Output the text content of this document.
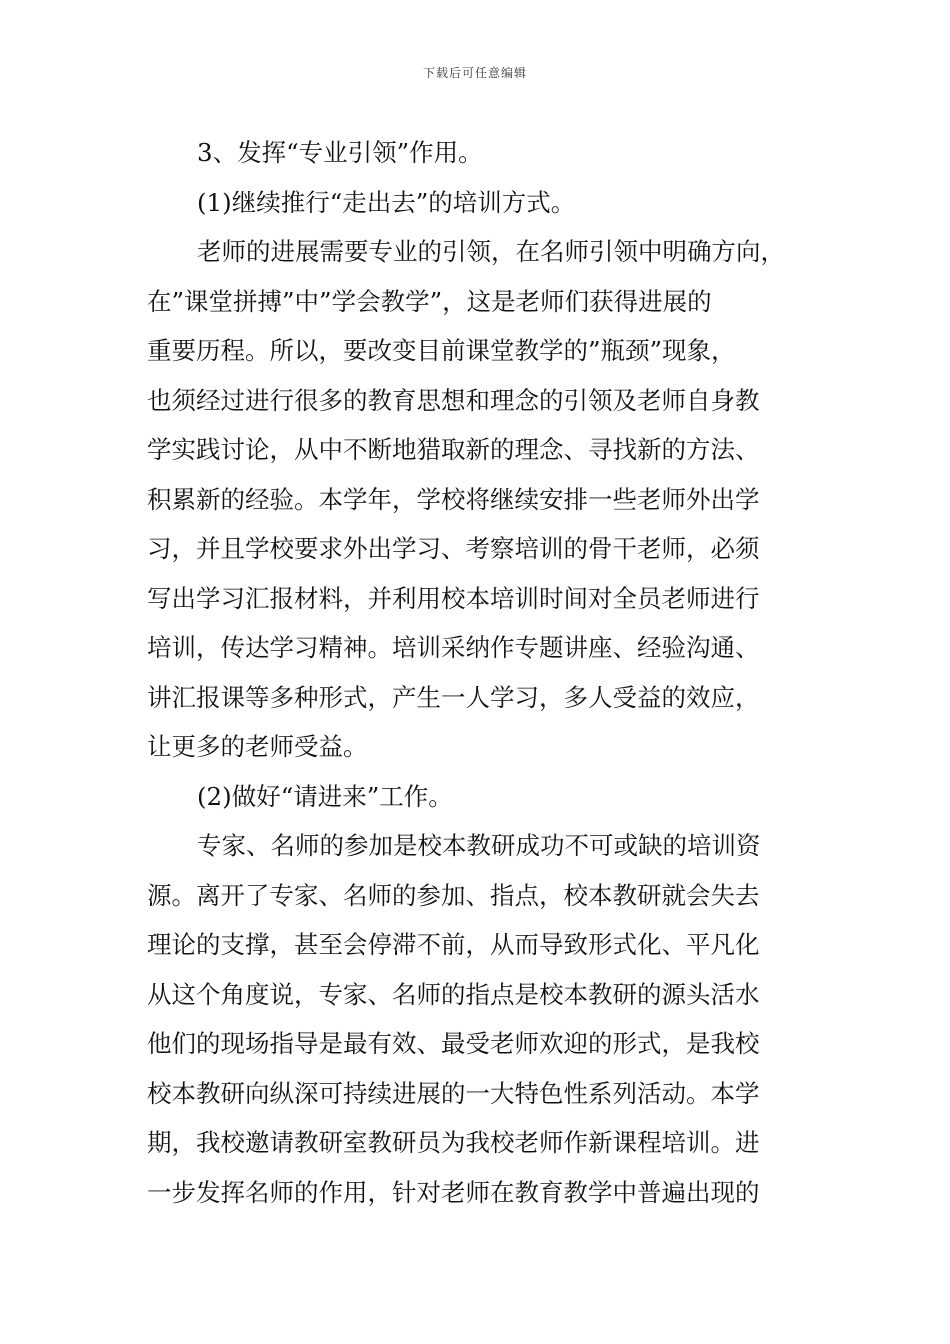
下载后可任意编辑
3、发挥“专业引领”作用。
(1)继续推行“走出去”的培训方式。
老师的进展需要专业的引领，在名师引领中明确方向，
在”课堂拼搏”中”学会教学”，这是老师们获得进展的
重要历程。所以，要改变目前课堂教学的”瓶颈”现象，
也须经过进行很多的教育思想和理念的引领及老师自身教
学实践讨论，从中不断地猎取新的理念、寻找新的方法、
积累新的经验。本学年，学校将继续安排一些老师外出学
习，并且学校要求外出学习、考察培训的骨干老师，必须
写出学习汇报材料，并利用校本培训时间对全员老师进行
培训，传达学习精神。培训采纳作专题讲座、经验沟通、
讲汇报课等多种形式，产生一人学习，多人受益的效应，
让更多的老师受益。
(2)做好“请进来”工作。
专家、名师的参加是校本教研成功不可或缺的培训资
源。离开了专家、名师的参加、指点，校本教研就会失去
理论的支撑，甚至会停滞不前，从而导致形式化、平凡化
从这个角度说，专家、名师的指点是校本教研的源头活水
他们的现场指导是最有效、最受老师欢迎的形式，是我校
校本教研向纵深可持续进展的一大特色性系列活动。本学
期，我校邀请教研室教研员为我校老师作新课程培训。进
一步发挥名师的作用，针对老师在教育教学中普遍出现的
